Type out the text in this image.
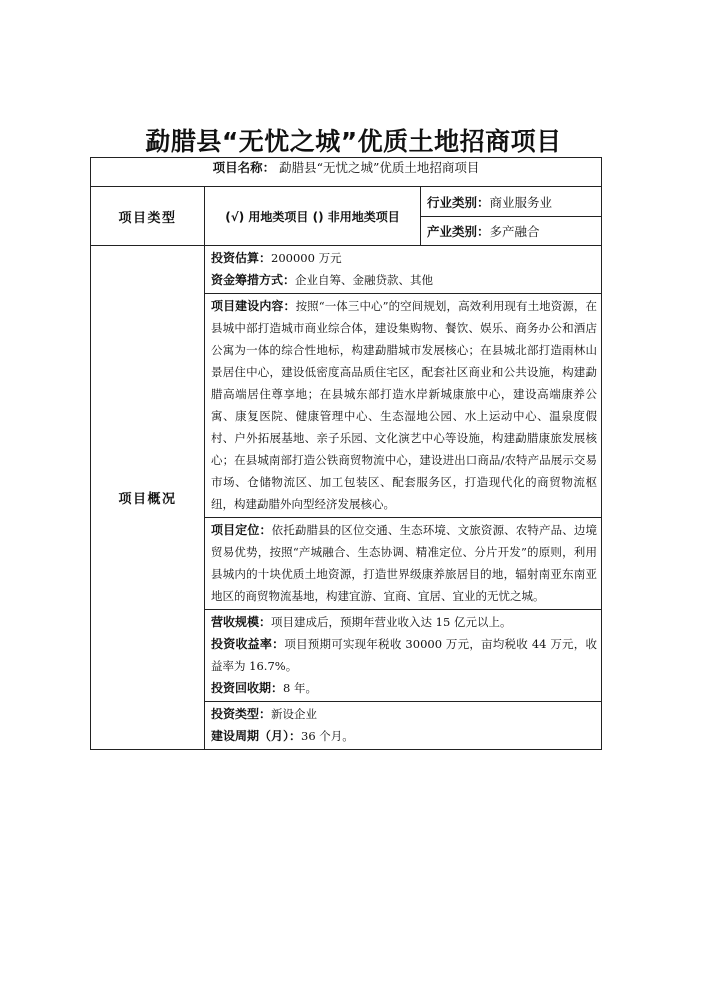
勐腊县“无忧之城”优质土地招商项目
项目名称： 勐腊县“无忧之城”优质土地招商项目		
项目类型	(√) 用地类项目 () 非用地类项目	行业类别：商业服务业
		产业类别：多产融合
项目概况	投资估算：200000 万元

资金筹措方式：企业自筹、金融贷款、其他	

	项目建设内容：按照“一体三中心”的空间规划，高效利用现有土地资源，在县城中部打造城市商业综合体，建设集购物、餐饮、娱乐、商务办公和酒店公寓为一体的综合性地标，构建勐腊城市发展核心；在县城北部打造雨林山景居住中心，建设低密度高品质住宅区，配套社区商业和公共设施，构建勐腊高端居住尊享地；在县城东部打造水岸新城康旅中心，建设高端康养公寓、康复医院、健康管理中心、生态湿地公园、水上运动中心、温泉度假村、户外拓展基地、亲子乐园、文化演艺中心等设施，构建勐腊康旅发展核心；在县城南部打造公铁商贸物流中心，建设进出口商品/农特产品展示交易市场、仓储物流区、加工包装区、配套服务区，打造现代化的商贸物流枢纽，构建勐腊外向型经济发展核心。	

	项目定位：依托勐腊县的区位交通、生态环境、文旅资源、农特产品、边境贸易优势，按照“产城融合、生态协调、精准定位、分片开发”的原则，利用县城内的十块优质土地资源，打造世界级康养旅居目的地，辐射南亚东南亚地区的商贸物流基地，构建宜游、宜商、宜居、宜业的无忧之城。	

	营收规模：项目建成后，预期年营业收入达 15 亿元以上。

投资收益率：项目预期可实现年税收 30000 万元，亩均税收 44 万元，收益率为 16.7%。

投资回收期：8 年。	

	投资类型：新设企业

建设周期（月）：36 个月。	
